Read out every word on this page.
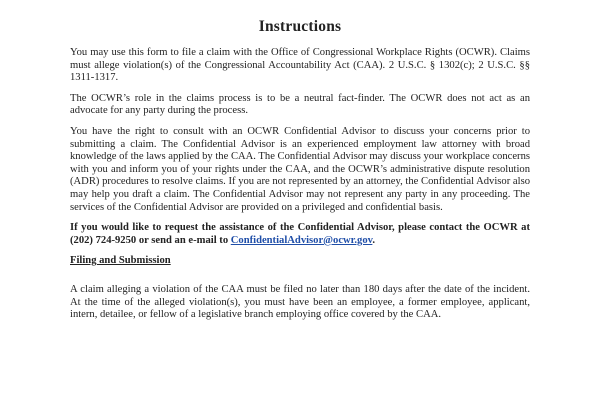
Instructions

You may use this form to file a claim with the Office of Congressional Workplace Rights (OCWR). Claims must allege violation(s) of the Congressional Accountability Act (CAA). 2 U.S.C. § 1302(c); 2 U.S.C. §§ 1311-1317.

The OCWR’s role in the claims process is to be a neutral fact-finder. The OCWR does not act as an advocate for any party during the process.

You have the right to consult with an OCWR Confidential Advisor to discuss your concerns prior to submitting a claim. The Confidential Advisor is an experienced employment law attorney with broad knowledge of the laws applied by the CAA. The Confidential Advisor may discuss your workplace concerns with you and inform you of your rights under the CAA, and the OCWR’s administrative dispute resolution (ADR) procedures to resolve claims. If you are not represented by an attorney, the Confidential Advisor also may help you draft a claim. The Confidential Advisor may not represent any party in any proceeding. The services of the Confidential Advisor are provided on a privileged and confidential basis.

If you would like to request the assistance of the Confidential Advisor, please contact the OCWR at (202) 724-9250 or send an e-mail to ConfidentialAdvisor@ocwr.gov.

Filing and Submission

A claim alleging a violation of the CAA must be filed no later than 180 days after the date of the incident. At the time of the alleged violation(s), you must have been an employee, a former employee, applicant, intern, detailee, or fellow of a legislative branch employing office covered by the CAA.
